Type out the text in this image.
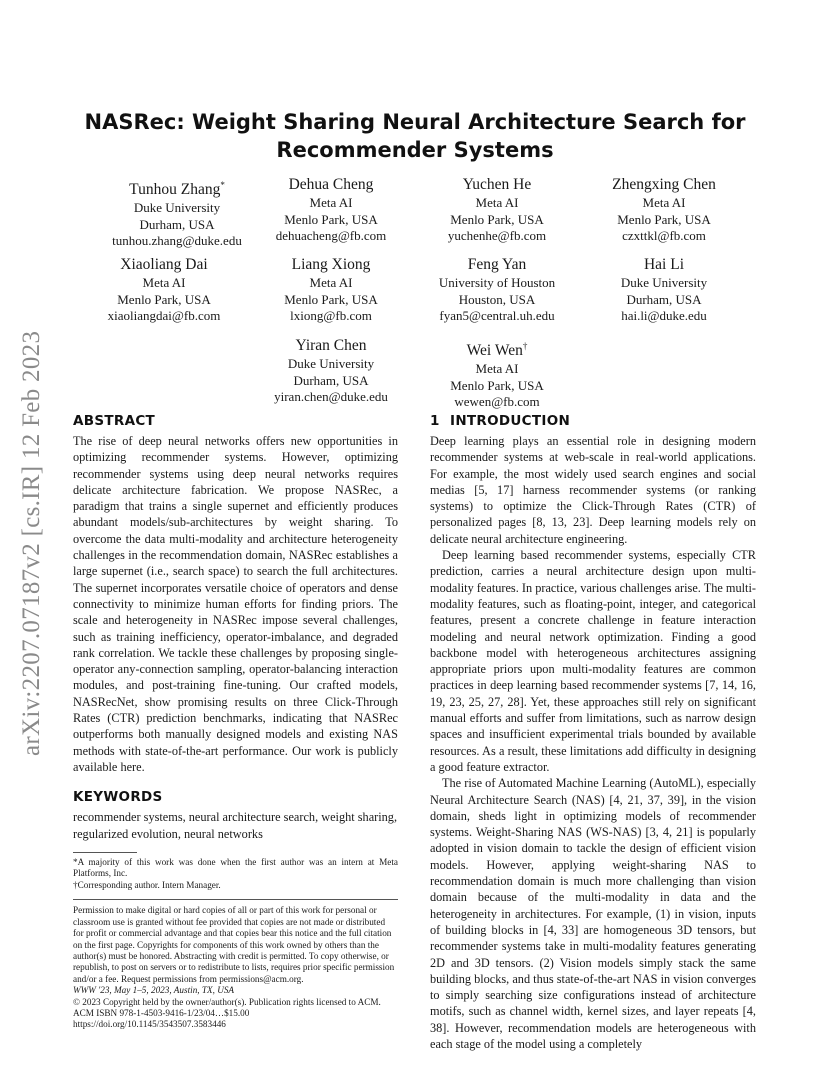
arXiv:2207.07187v2 [cs.IR] 12 Feb 2023
NASRec: Weight Sharing Neural Architecture Search for Recommender Systems
Tunhou Zhang*
Duke University
Durham, USA
tunhou.zhang@duke.edu
Dehua Cheng
Meta AI
Menlo Park, USA
dehuacheng@fb.com
Yuchen He
Meta AI
Menlo Park, USA
yuchenhe@fb.com
Zhengxing Chen
Meta AI
Menlo Park, USA
czxttkl@fb.com
Xiaoliang Dai
Meta AI
Menlo Park, USA
xiaoliangdai@fb.com
Liang Xiong
Meta AI
Menlo Park, USA
lxiong@fb.com
Feng Yan
University of Houston
Houston, USA
fyan5@central.uh.edu
Hai Li
Duke University
Durham, USA
hai.li@duke.edu
Yiran Chen
Duke University
Durham, USA
yiran.chen@duke.edu
Wei Wen†
Meta AI
Menlo Park, USA
wewen@fb.com
ABSTRACT

The rise of deep neural networks offers new opportunities in optimizing recommender systems. However, optimizing recommender systems using deep neural networks requires delicate architecture fabrication. We propose NASRec, a paradigm that trains a single supernet and efficiently produces abundant models/sub-architectures by weight sharing. To overcome the data multi-modality and architecture heterogeneity challenges in the recommendation domain, NASRec establishes a large supernet (i.e., search space) to search the full architectures. The supernet incorporates versatile choice of operators and dense connectivity to minimize human efforts for finding priors. The scale and heterogeneity in NASRec impose several challenges, such as training inefficiency, operator-imbalance, and degraded rank correlation. We tackle these challenges by proposing single-operator any-connection sampling, operator-balancing interaction modules, and post-training fine-tuning. Our crafted models, NASRecNet, show promising results on three Click-Through Rates (CTR) prediction benchmarks, indicating that NASRec outperforms both manually designed models and existing NAS methods with state-of-the-art performance. Our work is publicly available here.

KEYWORDS

recommender systems, neural architecture search, weight sharing, regularized evolution, neural networks

*A majority of this work was done when the first author was an intern at Meta Platforms, Inc.

†Corresponding author. Intern Manager.

Permission to make digital or hard copies of all or part of this work for personal or classroom use is granted without fee provided that copies are not made or distributed for profit or commercial advantage and that copies bear this notice and the full citation on the first page. Copyrights for components of this work owned by others than the author(s) must be honored. Abstracting with credit is permitted. To copy otherwise, or republish, to post on servers or to redistribute to lists, requires prior specific permission and/or a fee. Request permissions from permissions@acm.org.

WWW '23, May 1–5, 2023, Austin, TX, USA

© 2023 Copyright held by the owner/author(s). Publication rights licensed to ACM.

ACM ISBN 978-1-4503-9416-1/23/04…$15.00

https://doi.org/10.1145/3543507.3583446

1 INTRODUCTION

Deep learning plays an essential role in designing modern recommender systems at web-scale in real-world applications. For example, the most widely used search engines and social medias [5, 17] harness recommender systems (or ranking systems) to optimize the Click-Through Rates (CTR) of personalized pages [8, 13, 23]. Deep learning models rely on delicate neural architecture engineering.

Deep learning based recommender systems, especially CTR prediction, carries a neural architecture design upon multi-modality features. In practice, various challenges arise. The multi-modality features, such as floating-point, integer, and categorical features, present a concrete challenge in feature interaction modeling and neural network optimization. Finding a good backbone model with heterogeneous architectures assigning appropriate priors upon multi-modality features are common practices in deep learning based recommender systems [7, 14, 16, 19, 23, 25, 27, 28]. Yet, these approaches still rely on significant manual efforts and suffer from limitations, such as narrow design spaces and insufficient experimental trials bounded by available resources. As a result, these limitations add difficulty in designing a good feature extractor.

The rise of Automated Machine Learning (AutoML), especially Neural Architecture Search (NAS) [4, 21, 37, 39], in the vision domain, sheds light in optimizing models of recommender systems. Weight-Sharing NAS (WS-NAS) [3, 4, 21] is popularly adopted in vision domain to tackle the design of efficient vision models. However, applying weight-sharing NAS to recommendation domain is much more challenging than vision domain because of the multi-modality in data and the heterogeneity in architectures. For example, (1) in vision, inputs of building blocks in [4, 33] are homogeneous 3D tensors, but recommender systems take in multi-modality features generating 2D and 3D tensors. (2) Vision models simply stack the same building blocks, and thus state-of-the-art NAS in vision converges to simply searching size configurations instead of architecture motifs, such as channel width, kernel sizes, and layer repeats [4, 38]. However, recommendation models are heterogeneous with each stage of the model using a completely
